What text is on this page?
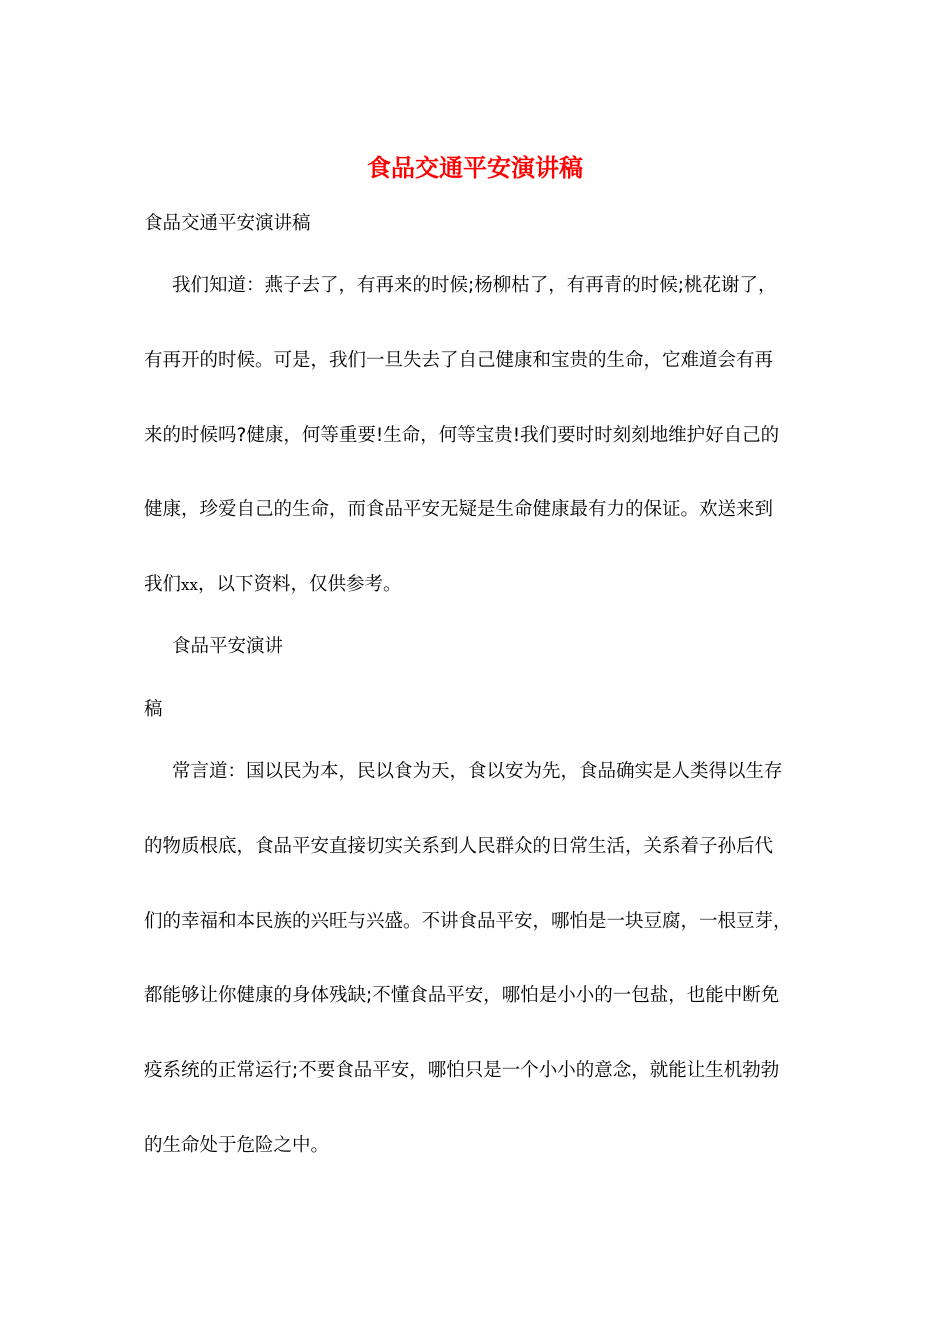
食品交通平安演讲稿
食品交通平安演讲稿
我们知道：燕子去了，有再来的时候;杨柳枯了，有再青的时候;桃花谢了，
有再开的时候。可是，我们一旦失去了自己健康和宝贵的生命，它难道会有再
来的时候吗?健康，何等重要!生命，何等宝贵!我们要时时刻刻地维护好自己的
健康，珍爱自己的生命，而食品平安无疑是生命健康最有力的保证。欢送来到
我们xx，以下资料，仅供参考。
食品平安演讲
稿
常言道：国以民为本，民以食为天，食以安为先，食品确实是人类得以生存
的物质根底，食品平安直接切实关系到人民群众的日常生活，关系着子孙后代
们的幸福和本民族的兴旺与兴盛。不讲食品平安，哪怕是一块豆腐，一根豆芽，
都能够让你健康的身体残缺;不懂食品平安，哪怕是小小的一包盐，也能中断免
疫系统的正常运行;不要食品平安，哪怕只是一个小小的意念，就能让生机勃勃
的生命处于危险之中。
